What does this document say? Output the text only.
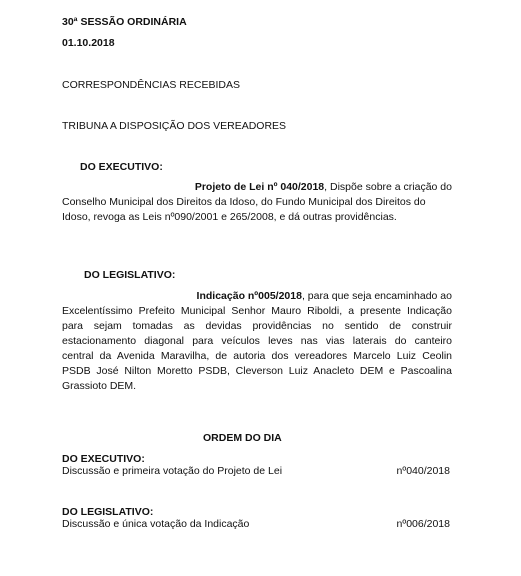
30ª SESSÃO ORDINÁRIA
01.10.2018
CORRESPONDÊNCIAS RECEBIDAS
TRIBUNA A DISPOSIÇÃO DOS VEREADORES
DO EXECUTIVO:
Projeto de Lei nº 040/2018, Dispõe sobre a criação do
Conselho Municipal dos Direitos da Idoso, do Fundo Municipal dos Direitos do
Idoso, revoga as Leis nº090/2001 e 265/2008, e dá outras providências.
DO LEGISLATIVO:
Indicação nº005/2018, para que seja encaminhado ao
Excelentíssimo Prefeito Municipal Senhor Mauro Riboldi, a presente Indicação
para sejam tomadas as devidas providências no sentido de construir
estacionamento diagonal para veículos leves nas vias laterais do canteiro
central da Avenida Maravilha, de autoria dos vereadores Marcelo Luiz Ceolin
PSDB José Nilton Moretto PSDB, Cleverson Luiz Anacleto DEM e Pascoalina
Grassioto DEM.
ORDEM DO DIA
DO EXECUTIVO:
Discussão e primeira votação do Projeto de Lei	nº040/2018
DO LEGISLATIVO:
Discussão e única votação da Indicação	nº006/2018
